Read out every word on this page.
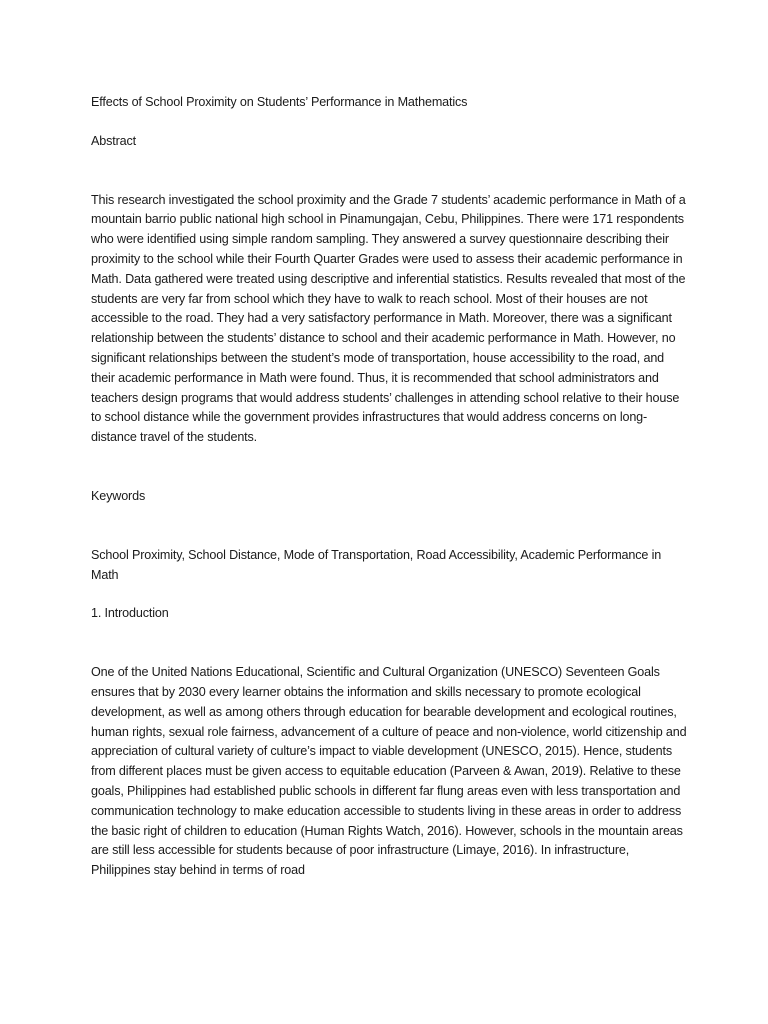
Effects of School Proximity on Students’ Performance in Mathematics

Abstract

This research investigated the school proximity and the Grade 7 students’ academic performance in Math of a mountain barrio public national high school in Pinamungajan, Cebu, Philippines. There were 171 respondents who were identified using simple random sampling. They answered a survey questionnaire describing their proximity to the school while their Fourth Quarter Grades were used to assess their academic performance in Math. Data gathered were treated using descriptive and inferential statistics. Results revealed that most of the students are very far from school which they have to walk to reach school. Most of their houses are not accessible to the road. They had a very satisfactory performance in Math. Moreover, there was a significant relationship between the students’ distance to school and their academic performance in Math. However, no significant relationships between the student’s mode of transportation, house accessibility to the road, and their academic performance in Math were found. Thus, it is recommended that school administrators and teachers design programs that would address students’ challenges in attending school relative to their house to school distance while the government provides infrastructures that would address concerns on long-distance travel of the students.

Keywords

School Proximity, School Distance, Mode of Transportation, Road Accessibility, Academic Performance in Math

1. Introduction

One of the United Nations Educational, Scientific and Cultural Organization (UNESCO) Seventeen Goals ensures that by 2030 every learner obtains the information and skills necessary to promote ecological development, as well as among others through education for bearable development and ecological routines, human rights, sexual role fairness, advancement of a culture of peace and non-violence, world citizenship and appreciation of cultural variety of culture’s impact to viable development (UNESCO, 2015). Hence, students from different places must be given access to equitable education (Parveen & Awan, 2019). Relative to these goals, Philippines had established public schools in different far flung areas even with less transportation and communication technology to make education accessible to students living in these areas in order to address the basic right of children to education (Human Rights Watch, 2016). However, schools in the mountain areas are still less accessible for students because of poor infrastructure (Limaye, 2016). In infrastructure, Philippines stay behind in terms of road
